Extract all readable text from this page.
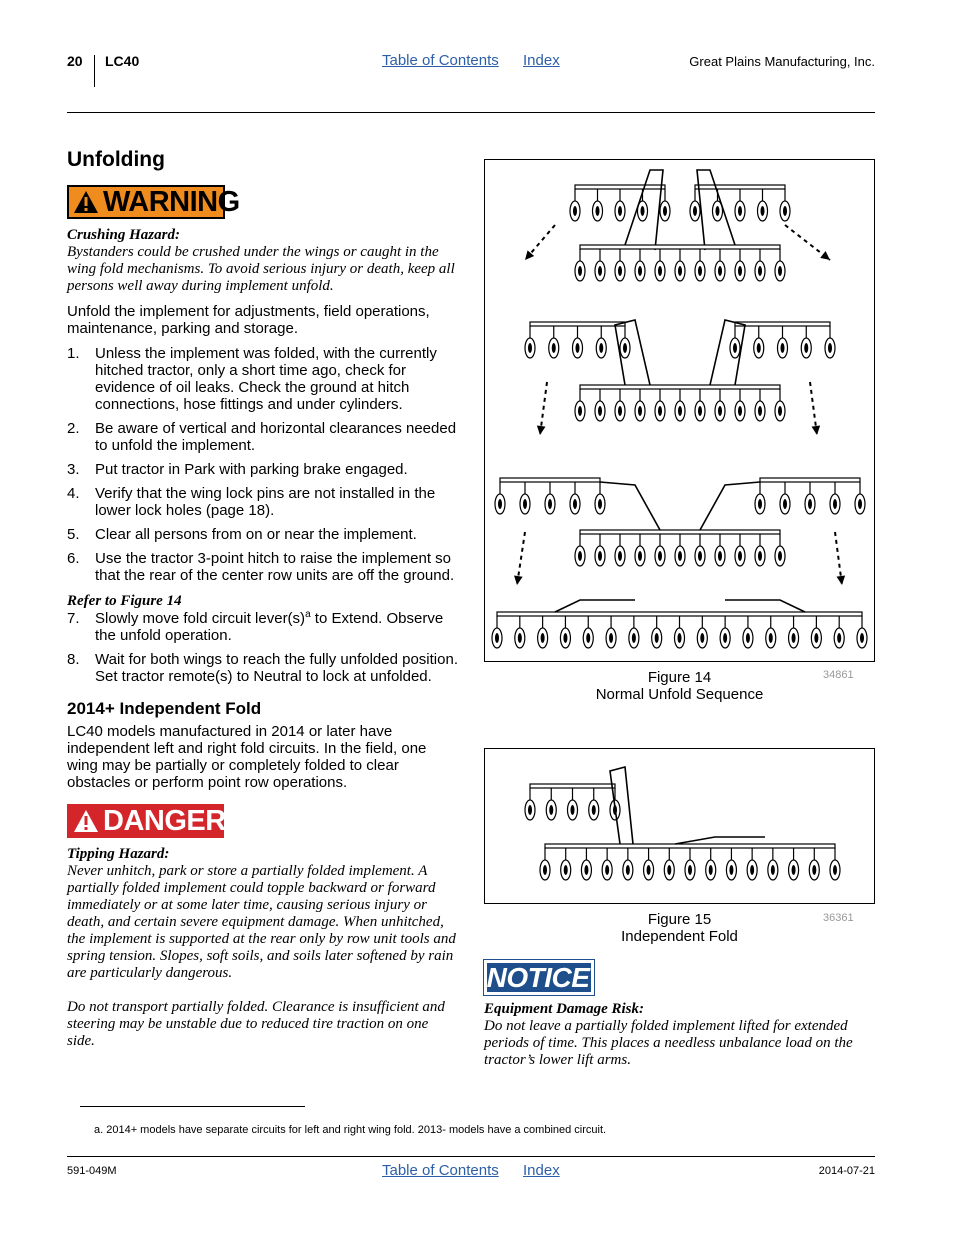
20 LC40	Table of Contents Index	Great Plains Manufacturing, Inc.
Unfolding
WARNING
Crushing Hazard:
Bystanders could be crushed under the wings or caught in the wing fold mechanisms. To avoid serious injury or death, keep all persons well away during implement unfold.
Unfold the implement for adjustments, field operations, maintenance, parking and storage.
1.	Unless the implement was folded, with the currently hitched tractor, only a short time ago, check for evidence of oil leaks. Check the ground at hitch connections, hose fittings and under cylinders.
2.	Be aware of vertical and horizontal clearances needed to unfold the implement.
3.	Put tractor in Park with parking brake engaged.
4.	Verify that the wing lock pins are not installed in the lower lock holes (page 18).
5.	Clear all persons from on or near the implement.
6.	Use the tractor 3-point hitch to raise the implement so that the rear of the center row units are off the ground.
Refer to Figure 14
7.	Slowly move fold circuit $lever(s)^a$ to Extend. Observe the unfold operation.
8.	Wait for both wings to reach the fully unfolded position. Set tractor remote(s) to Neutral to lock at unfolded.
2014+ Independent Fold
LC40 models manufactured in 2014 or later have independent left and right fold circuits. In the field, one wing may be partially or completely folded to clear obstacles or perform point row operations.
DANGER
Tipping Hazard:
Never unhitch, park or store a partially folded implement. A partially folded implement could topple backward or forward immediately or at some later time, causing serious injury or death, and certain severe equipment damage. When unhitched, the implement is supported at the rear only by row unit tools and spring tension. Slopes, soft soils, and soils later softened by rain are particularly dangerous.
Do not transport partially folded. Clearance is insufficient and steering may be unstable due to reduced tire traction on one side.
Figure 14
Normal Unfold Sequence
34861
Figure 15
Independent Fold
36361
NOTICE
Equipment Damage Risk:
Do not leave a partially folded implement lifted for extended periods of time. This places a needless unbalance load on the tractor’s lower lift arms.
a. 2014+ models have separate circuits for left and right wing fold. 2013- models have a combined circuit.
591-049M	Table of Contents Index	2014-07-21
